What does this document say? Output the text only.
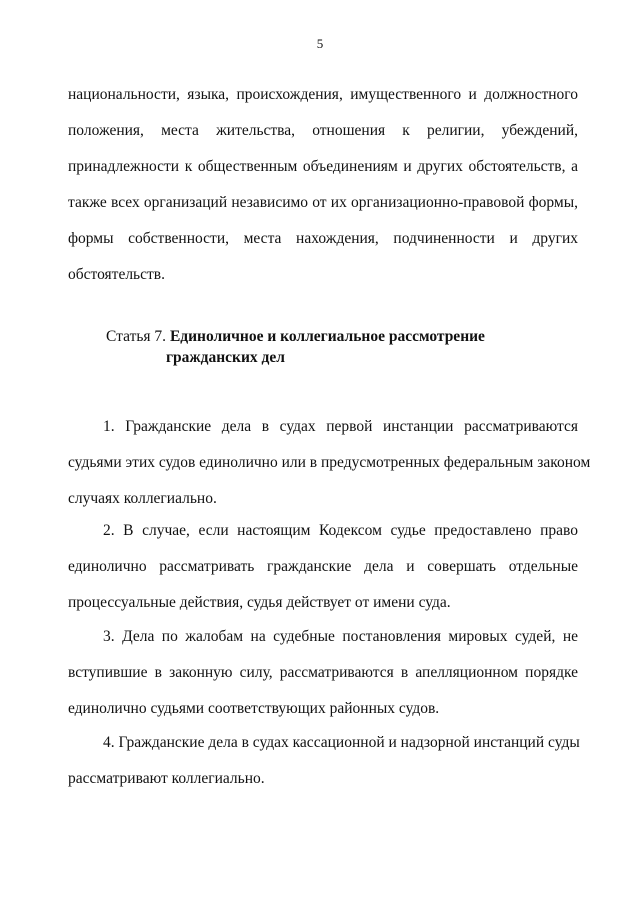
5
национальности, языка, происхождения, имущественного и должностного
положения, места жительства, отношения к религии, убеждений,
принадлежности к общественным объединениям и других обстоятельств, а
также всех организаций независимо от их организационно-правовой формы,
формы собственности, места нахождения, подчиненности и других
обстоятельств.
Статья 7. Единоличное и коллегиальное рассмотрение
гражданских дел
1. Гражданские дела в судах первой инстанции рассматриваются
судьями этих судов единолично или в предусмотренных федеральным законом
случаях коллегиально.
2. В случае, если настоящим Кодексом судье предоставлено право
единолично рассматривать гражданские дела и совершать отдельные
процессуальные действия, судья действует от имени суда.
3. Дела по жалобам на судебные постановления мировых судей, не
вступившие в законную силу, рассматриваются в апелляционном порядке
единолично судьями соответствующих районных судов.
4. Гражданские дела в судах кассационной и надзорной инстанций суды
рассматривают коллегиально.
